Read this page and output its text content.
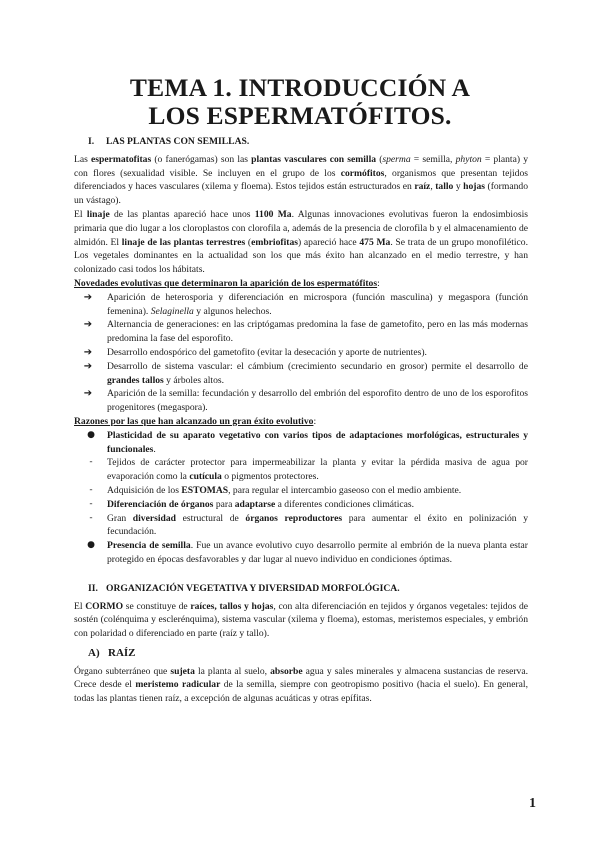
TEMA 1. INTRODUCCIÓN A
LOS ESPERMATÓFITOS.
I. LAS PLANTAS CON SEMILLAS.

Las espermatofitas (o fanerógamas) son las plantas vasculares con semilla (sperma = semilla, phyton = planta) y con flores (sexualidad visible. Se incluyen en el grupo de los cormófitos, organismos que presentan tejidos diferenciados y haces vasculares (xilema y floema). Estos tejidos están estructurados en raíz, tallo y hojas (formando un vástago).

El linaje de las plantas apareció hace unos 1100 Ma. Algunas innovaciones evolutivas fueron la endosimbiosis primaria que dio lugar a los cloroplastos con clorofila a, además de la presencia de clorofila b y el almacenamiento de almidón. El linaje de las plantas terrestres (embriofitas) apareció hace 475 Ma. Se trata de un grupo monofilético. Los vegetales dominantes en la actualidad son los que más éxito han alcanzado en el medio terrestre, y han colonizado casi todos los hábitats.

Novedades evolutivas que determinaron la aparición de los espermatófitos:

➔	Aparición de heterosporia y diferenciación en microspora (función masculina) y megaspora (función femenina). Selaginella y algunos helechos.
➔	Alternancia de generaciones: en las criptógamas predomina la fase de gametofito, pero en las más modernas predomina la fase del esporofito.
➔	Desarrollo endospórico del gametofito (evitar la desecación y aporte de nutrientes).
➔	Desarrollo de sistema vascular: el cámbium (crecimiento secundario en grosor) permite el desarrollo de grandes tallos y árboles altos.
➔	Aparición de la semilla: fecundación y desarrollo del embrión del esporofito dentro de uno de los esporofitos progenitores (megaspora).

Razones por las que han alcanzado un gran éxito evolutivo:

●	Plasticidad de su aparato vegetativo con varios tipos de adaptaciones morfológicas, estructurales y funcionales.
-	Tejidos de carácter protector para impermeabilizar la planta y evitar la pérdida masiva de agua por evaporación como la cutícula o pigmentos protectores.
-	Adquisición de los ESTOMAS, para regular el intercambio gaseoso con el medio ambiente.
-	Diferenciación de órganos para adaptarse a diferentes condiciones climáticas.
-	Gran diversidad estructural de órganos reproductores para aumentar el éxito en polinización y fecundación.
●	Presencia de semilla. Fue un avance evolutivo cuyo desarrollo permite al embrión de la nueva planta estar protegido en épocas desfavorables y dar lugar al nuevo individuo en condiciones óptimas.
II. ORGANIZACIÓN VEGETATIVA Y DIVERSIDAD MORFOLÓGICA.

El CORMO se constituye de raíces, tallos y hojas, con alta diferenciación en tejidos y órganos vegetales: tejidos de sostén (colénquima y esclerénquima), sistema vascular (xilema y floema), estomas, meristemos especiales, y embrión con polaridad o diferenciado en parte (raíz y tallo).

A) RAÍZ

Órgano subterráneo que sujeta la planta al suelo, absorbe agua y sales minerales y almacena sustancias de reserva. Crece desde el meristemo radicular de la semilla, siempre con geotropismo positivo (hacia el suelo). En general, todas las plantas tienen raíz, a excepción de algunas acuáticas y otras epífitas.

1
